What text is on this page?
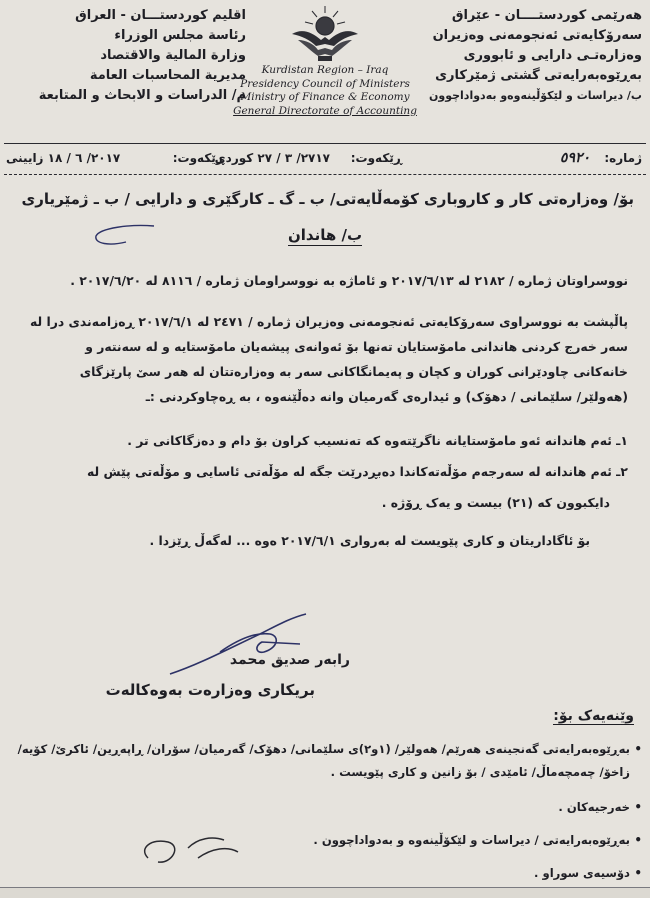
هەرێمی کوردستــــان - عێراق
سەرۆکایەتی ئەنجومەنی وەزیران
وەزارەتـی دارایی و ئابووری
بەڕێوەبەرایەتی گشتی ژمێرکاری
ب/ دیراسات و لێکۆڵینەوەو بەدواداچوون
Kurdistan Region – Iraq
Presidency Council of Ministers
Ministry of Finance & Economy
General Directorate of Accounting
اقليم كوردستـــان - العراق
رئاسة مجلس الوزراء
وزارة المالية والاقتصاد
مديرية المحاسبات العامة
م/ الدراسات و الابحاث و المتابعة
ژمارە:
٥٩٢٠
ڕێکەوت:
٢٧١٧/ ٣ / ٢٧ کوردی
ڕێکەوت:
٢٠١٧/ ٦ / ١٨ زایینی
بۆ/ وەزارەتی کار و کاروباری کۆمەڵایەتی/ ب ـ گ ـ کارگێری و دارایی / ب ـ ژمێریاری
ب/ هاندان
نووسراوتان ژمارە / ٢١٨٢ لە ٢٠١٧/٦/١٣ و ئاماژە بە نووسراومان ژمارە / ٨١١٦ لە ٢٠١٧/٦/٢٠ .
پاڵپشت بە نووسراوی سەرۆکایەتی ئەنجومەنی وەزیران ژمارە / ٢٤٧١ لە ٢٠١٧/٦/١ ڕەزامەندی درا لە
سەر خەرج کردنی هاندانی مامۆستایان تەنها بۆ ئەوانەی پیشەیان مامۆستایە و لە سەنتەر و
خانەکانی چاودێرانی کوران و کچان و پەیمانگاکانی سەر بە وەزارەتتان لە هەر سێ پارێزگای
(هەولێر/ سلێمانی / دهۆک) و ئیدارەی گەرمیان وانە دەڵێنەوە ، بە ڕەچاوکردنی :ـ
١ـ ئەم هاندانە ئەو مامۆستایانە ناگرێتەوە کە تەنسیب کراون بۆ دام و دەزگاکانی تر .
٢ـ ئەم هاندانە لە سەرجەم مۆڵەتەکاندا دەبڕدرێت جگە لە مۆڵەتی ئاسایی و مۆڵەتی پێش لە
دایکبوون کە (٢١) بیست و یەک ڕۆژە .
بۆ ئاگاداریتان و کاری پێویست لە بەرواری ٢٠١٧/٦/١ ەوە ... لەگەڵ ڕێزدا .
رابەر صدیق محمد
بریکاری وەزارەت بەوەکالەت
وێنەیەک بۆ:
• بەڕێوەبەرایەتی گەنجینەی هەرێم/ هەولێر/ (١و٢)ی سلێمانی/ دهۆک/ گەرمیان/ سۆران/ ڕاپەڕین/ ئاکرێ/ کۆیە/
زاخۆ/ چەمچەماڵ/ ئامێدی / بۆ زانین و کاری پێویست .
• خەرجیەکان .
• بەڕێوەبەرایەتی / دیراسات و لێکۆڵینەوە و بەدواداچوون .
• دۆسیەی سوراو .
